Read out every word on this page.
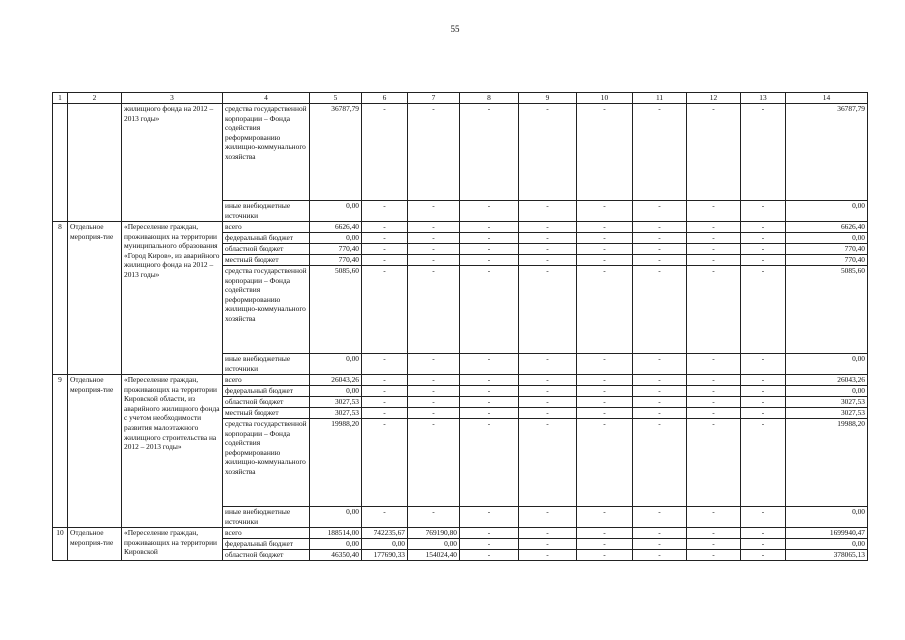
55
1	2	3	4	5	6	7	8	9	10	11	12	13	14
		жилищного фонда на 2012 – 2013 годы»	средства государственной корпорации – Фонда содействия реформированию жилищно-коммунального хозяйства	36787,79	-	-	-	-	-	-	-	-	36787,79
			иные внебюджетные источники	0,00	-	-	-	-	-	-	-	-	0,00
8	Отдельное мероприя-тие	«Переселение граждан, проживающих на территории муниципального образования «Город Киров», из аварийного жилищного фонда на 2012 – 2013 годы»	всего	6626,40	-	-	-	-	-	-	-	-	6626,40
			федеральный бюджет	0,00	-	-	-	-	-	-	-	-	0,00
			областной бюджет	770,40	-	-	-	-	-	-	-	-	770,40
			местный бюджет	770,40	-	-	-	-	-	-	-	-	770,40
			средства государственной корпорации – Фонда содействия реформированию жилищно-коммунального хозяйства	5085,60	-	-	-	-	-	-	-	-	5085,60
			иные внебюджетные источники	0,00	-	-	-	-	-	-	-	-	0,00
9	Отдельное мероприя-тие	«Переселение граждан, проживающих на территории Кировской области, из аварийного жилищного фонда с учетом необходимости развития малоэтажного жилищного строительства на 2012 – 2013 годы»	всего	26043,26	-	-	-	-	-	-	-	-	26043,26
			федеральный бюджет	0,00	-	-	-	-	-	-	-	-	0,00
			областной бюджет	3027,53	-	-	-	-	-	-	-	-	3027,53
			местный бюджет	3027,53	-	-	-	-	-	-	-	-	3027,53
			средства государственной корпорации – Фонда содействия реформированию жилищно-коммунального хозяйства	19988,20	-	-	-	-	-	-	-	-	19988,20
			иные внебюджетные источники	0,00	-	-	-	-	-	-	-	-	0,00
10	Отдельное мероприя-тие	«Переселение граждан, проживающих на территории Кировской	всего	188514,00	742235,67	769190,80	-	-	-	-	-	-	1699940,47
			федеральный бюджет	0,00	0,00	0,00	-	-	-	-	-	-	0,00
			областной бюджет	46350,40	177690,33	154024,40	-	-	-	-	-	-	378065,13
